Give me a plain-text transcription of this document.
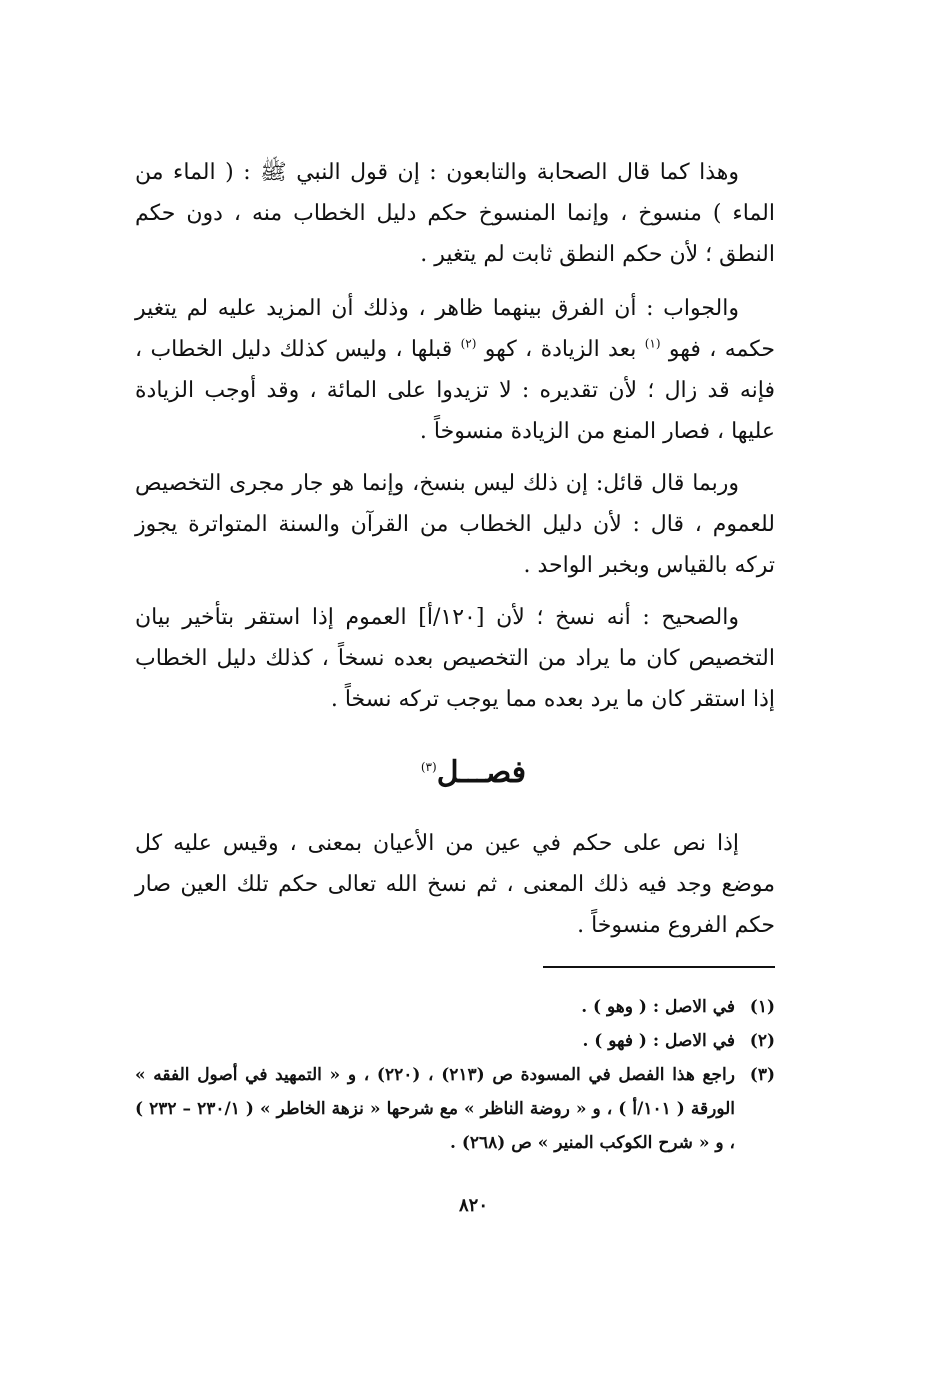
وهذا كما قال الصحابة والتابعون : إن قول النبي ﷺ : ( الماء من الماء ) منسوخ ، وإنما المنسوخ حكم دليل الخطاب منه ، دون حكم النطق ؛ لأن حكم النطق ثابت لم يتغير .

والجواب : أن الفرق بينهما ظاهر ، وذلك أن المزيد عليه لم يتغير حكمه ، فهو $^{(١)}$ بعد الزيادة ، كهو $^{(٢)}$ قبلها ، وليس كذلك دليل الخطاب ، فإنه قد زال ؛ لأن تقديره : لا تزيدوا على المائة ، وقد أوجب الزيادة عليها ، فصار المنع من الزيادة منسوخاً .

وربما قال قائل: إن ذلك ليس بنسخ، وإنما هو جار مجرى التخصيص للعموم ، قال : لأن دليل الخطاب من القرآن والسنة المتواترة يجوز تركه بالقياس وبخبر الواحد .

والصحيح : أنه نسخ ؛ لأن [١٢٠/أ] العموم إذا استقر بتأخير بيان التخصيص كان ما يراد من التخصيص بعده نسخاً ، كذلك دليل الخطاب إذا استقر كان ما يرد بعده مما يوجب تركه نسخاً .

فصـــل$^{(٣)}$

إذا نص على حكم في عين من الأعيان بمعنى ، وقيس عليه كل موضع وجد فيه ذلك المعنى ، ثم نسخ الله تعالى حكم تلك العين صار حكم الفروع منسوخاً .

(١)
في الاصل : ( وهو ) .
(٢)
في الاصل : ( فهو ) .
(٣)
راجع هذا الفصل في المسودة ص (٢١٣) ، (٢٢٠) ، و « التمهيد في أصول الفقه » الورقة ( ١٠١/أ ) ، و « روضة الناظر » مع شرحها « نزهة الخاطر » ( ٢٣٠/١ – ٢٣٢ ) ، و « شرح الكوكب المنير » ص (٢٦٨) .
٨٢٠
